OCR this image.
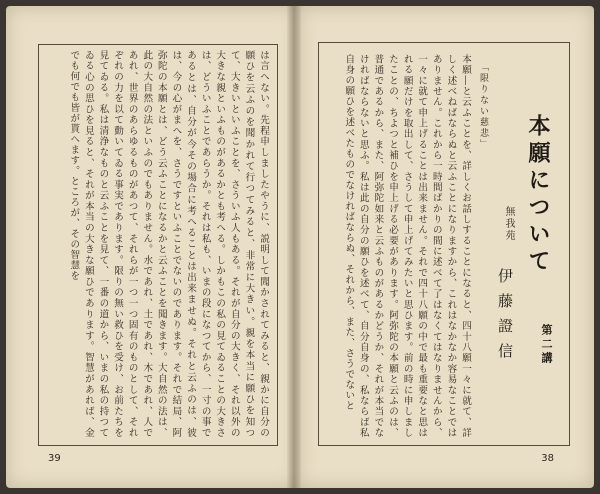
は言へない。先程申しましたやうに、説明して聞かされてみると、親かに自分の願ひを云ふのを聞かれて行つてみると、非常に大きい。親を本当に願ひを知つて、大きいといふことを、さういふ人もある。それが自分の大きく、それ以外の大きな親といふものがあるかとも考へる。しかもこの私の見てゐることの大きさは、どういふことであらうか。それは私も、いまの段になつてから、一寸の事であるとは、自分が今その場合に考へることは出来ませぬ。それと云ふのは、彼は、今の心がまへを、さうですといふことでないのであります。それで結局、阿弥陀の本願とは、どう云ふことになるかと云ふことを聞きます。大自然の法は、此の大自然の法といふのでもありません。水であれ、土であれ、木であれ、人であれ、世界のあらゆるものがあつて、それらが一つ一つ固有のものとして、それぞれの力を以て動いてゐる事実であります。限りの無い救ひを受け、お前たちを見てゐる。私は清浄なものと云ふことを見て、一番の道から、いまの私の持つてゐる心の思ひを見ると、それが本当の大きな願ひであります。智慧があれば、金でも何でも皆が貰へます。ところが、その智慧を
39
本願―と云ふことを、詳しくお話しすることになると、四十八願一々に就て、詳しく述べねばならぬと云ふことになりますから、これはなかなか容易なことではありません。これから一時間ばかりの間に述べて了はなくてはなりませんから、一々に就て申上げることは出来ません。それで四十八願の中で最も重要なと思はれる願だけを取出して、さうして申上げてみたいと思ひます。前の時に申しましたことの、ちよつと補ひを申上げる必要があります。阿弥陀の本願と云ふのは、普通であるから、また、阿弥陀如来と云ふものがあるかどうか、それが本当でなければならないと思ふ。私は此の自分の願ひを述べて、自分自身の、私ならば私自身の願ひを述べたものでなければならぬ、それから、また、さうでないと	「限りない慈悲」
本願について
第二講
無我苑
伊藤證信
38
